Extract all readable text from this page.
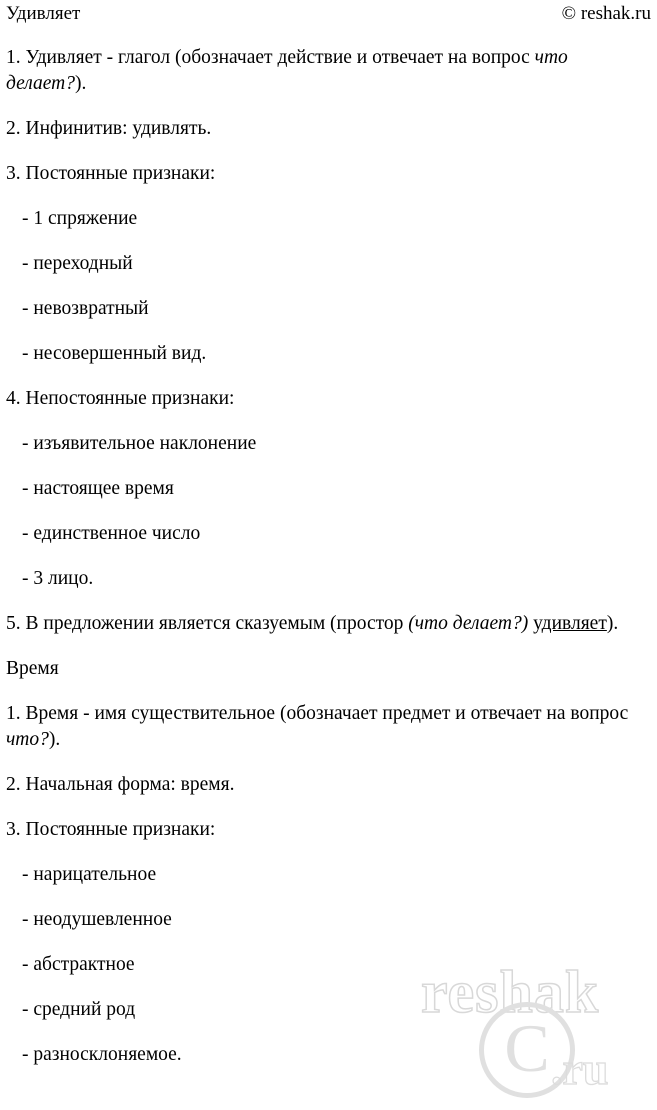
Удивляет	© reshak.ru

1. Удивляет - глагол (обозначает действие и отвечает на вопрос что делает?).

2. Инфинитив: удивлять.

3. Постоянные признаки:

- 1 спряжение

- переходный

- невозвратный

- несовершенный вид.

4. Непостоянные признаки:

- изъявительное наклонение

- настоящее время

- единственное число

- 3 лицо.

5. В предложении является сказуемым (простор (что делает?) удивляет).

Время

1. Время - имя существительное (обозначает предмет и отвечает на вопрос что?).

2. Начальная форма: время.

3. Постоянные признаки:

- нарицательное

- неодушевленное

- абстрактное

- средний род

- разносклоняемое.

reshak
C
.ru
